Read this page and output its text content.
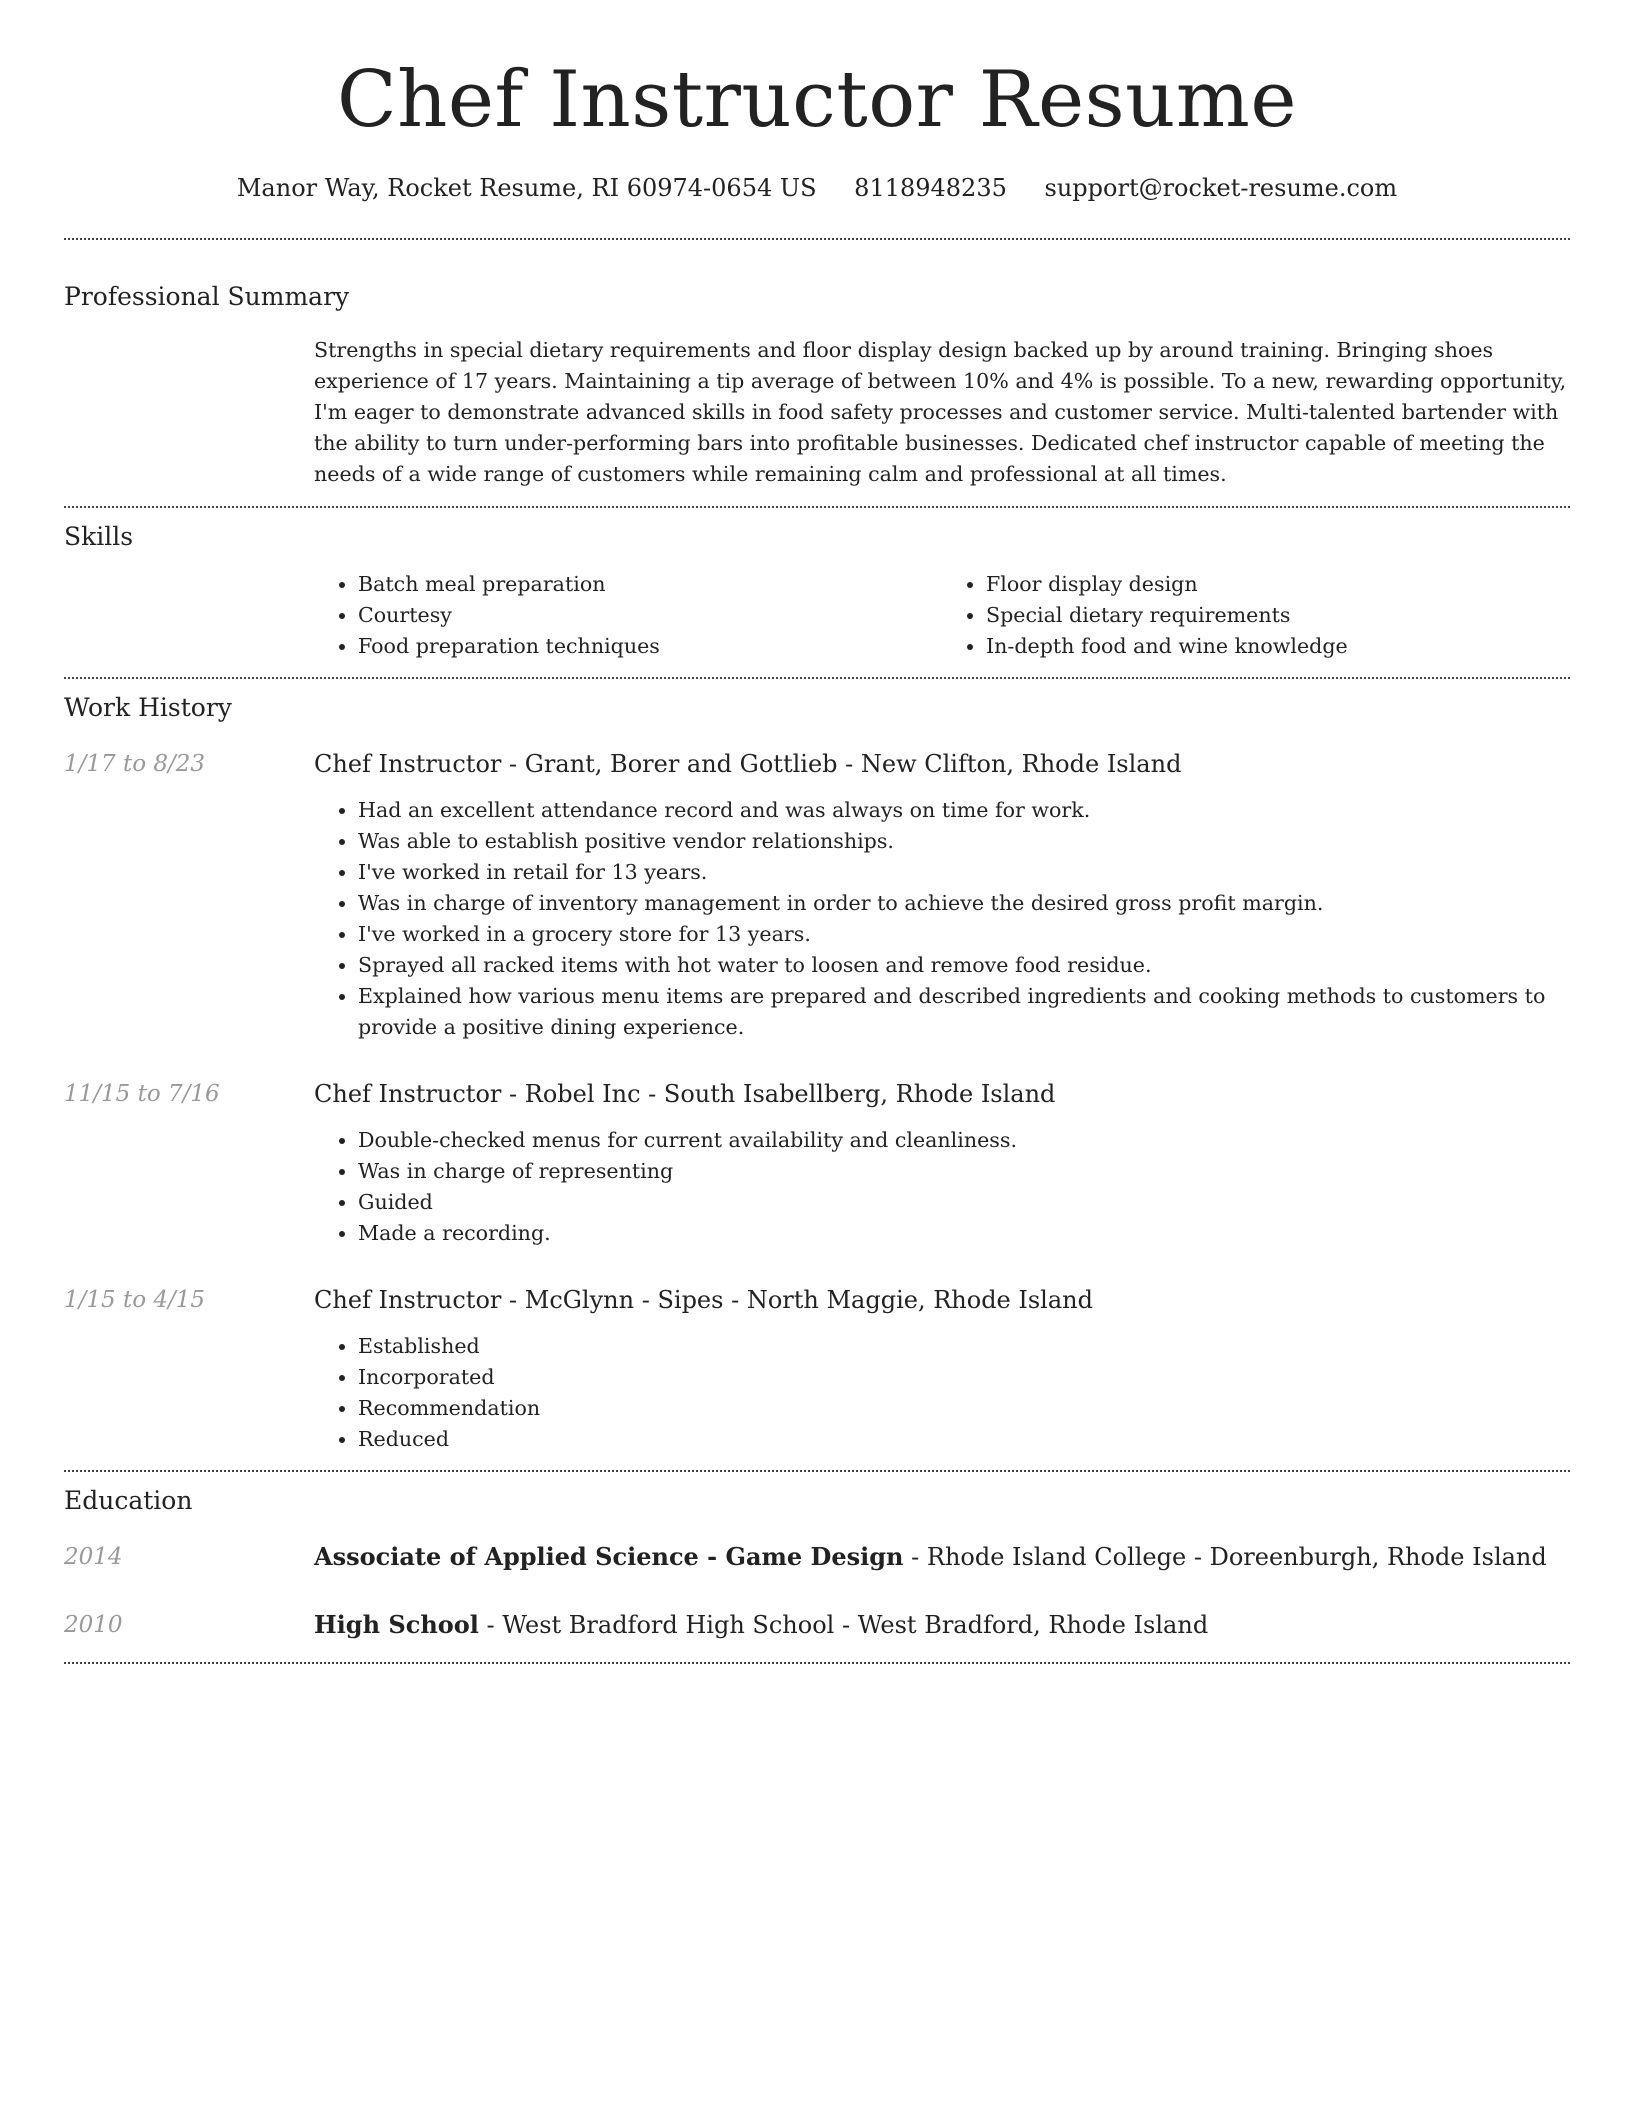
Chef Instructor Resume
Manor Way, Rocket Resume, RI 60974-0654 US 8118948235 support@rocket-resume.com
Professional Summary

Strengths in special dietary requirements and floor display design backed up by around training. Bringing shoes experience of 17 years. Maintaining a tip average of between 10% and 4% is possible. To a new, rewarding opportunity, I'm eager to demonstrate advanced skills in food safety processes and customer service. Multi-talented bartender with the ability to turn under-performing bars into profitable businesses. Dedicated chef instructor capable of meeting the needs of a wide range of customers while remaining calm and professional at all times.

Skills
• Batch meal preparation
• Courtesy
• Food preparation techniques
• Floor display design
• Special dietary requirements
• In-depth food and wine knowledge
Work History
1/17 to 8/23	Chef Instructor - Grant, Borer and Gottlieb - New Clifton, Rhode Island
• Had an excellent attendance record and was always on time for work.
• Was able to establish positive vendor relationships.
• I've worked in retail for 13 years.
• Was in charge of inventory management in order to achieve the desired gross profit margin.
• I've worked in a grocery store for 13 years.
• Sprayed all racked items with hot water to loosen and remove food residue.
• Explained how various menu items are prepared and described ingredients and cooking methods to customers to provide a positive dining experience.
11/15 to 7/16	Chef Instructor - Robel Inc - South Isabellberg, Rhode Island
• Double-checked menus for current availability and cleanliness.
• Was in charge of representing
• Guided
• Made a recording.
1/15 to 4/15	Chef Instructor - McGlynn - Sipes - North Maggie, Rhode Island
• Established
• Incorporated
• Recommendation
• Reduced
Education
2014	Associate of Applied Science - Game Design - Rhode Island College - Doreenburgh, Rhode Island
2010	High School - West Bradford High School - West Bradford, Rhode Island
